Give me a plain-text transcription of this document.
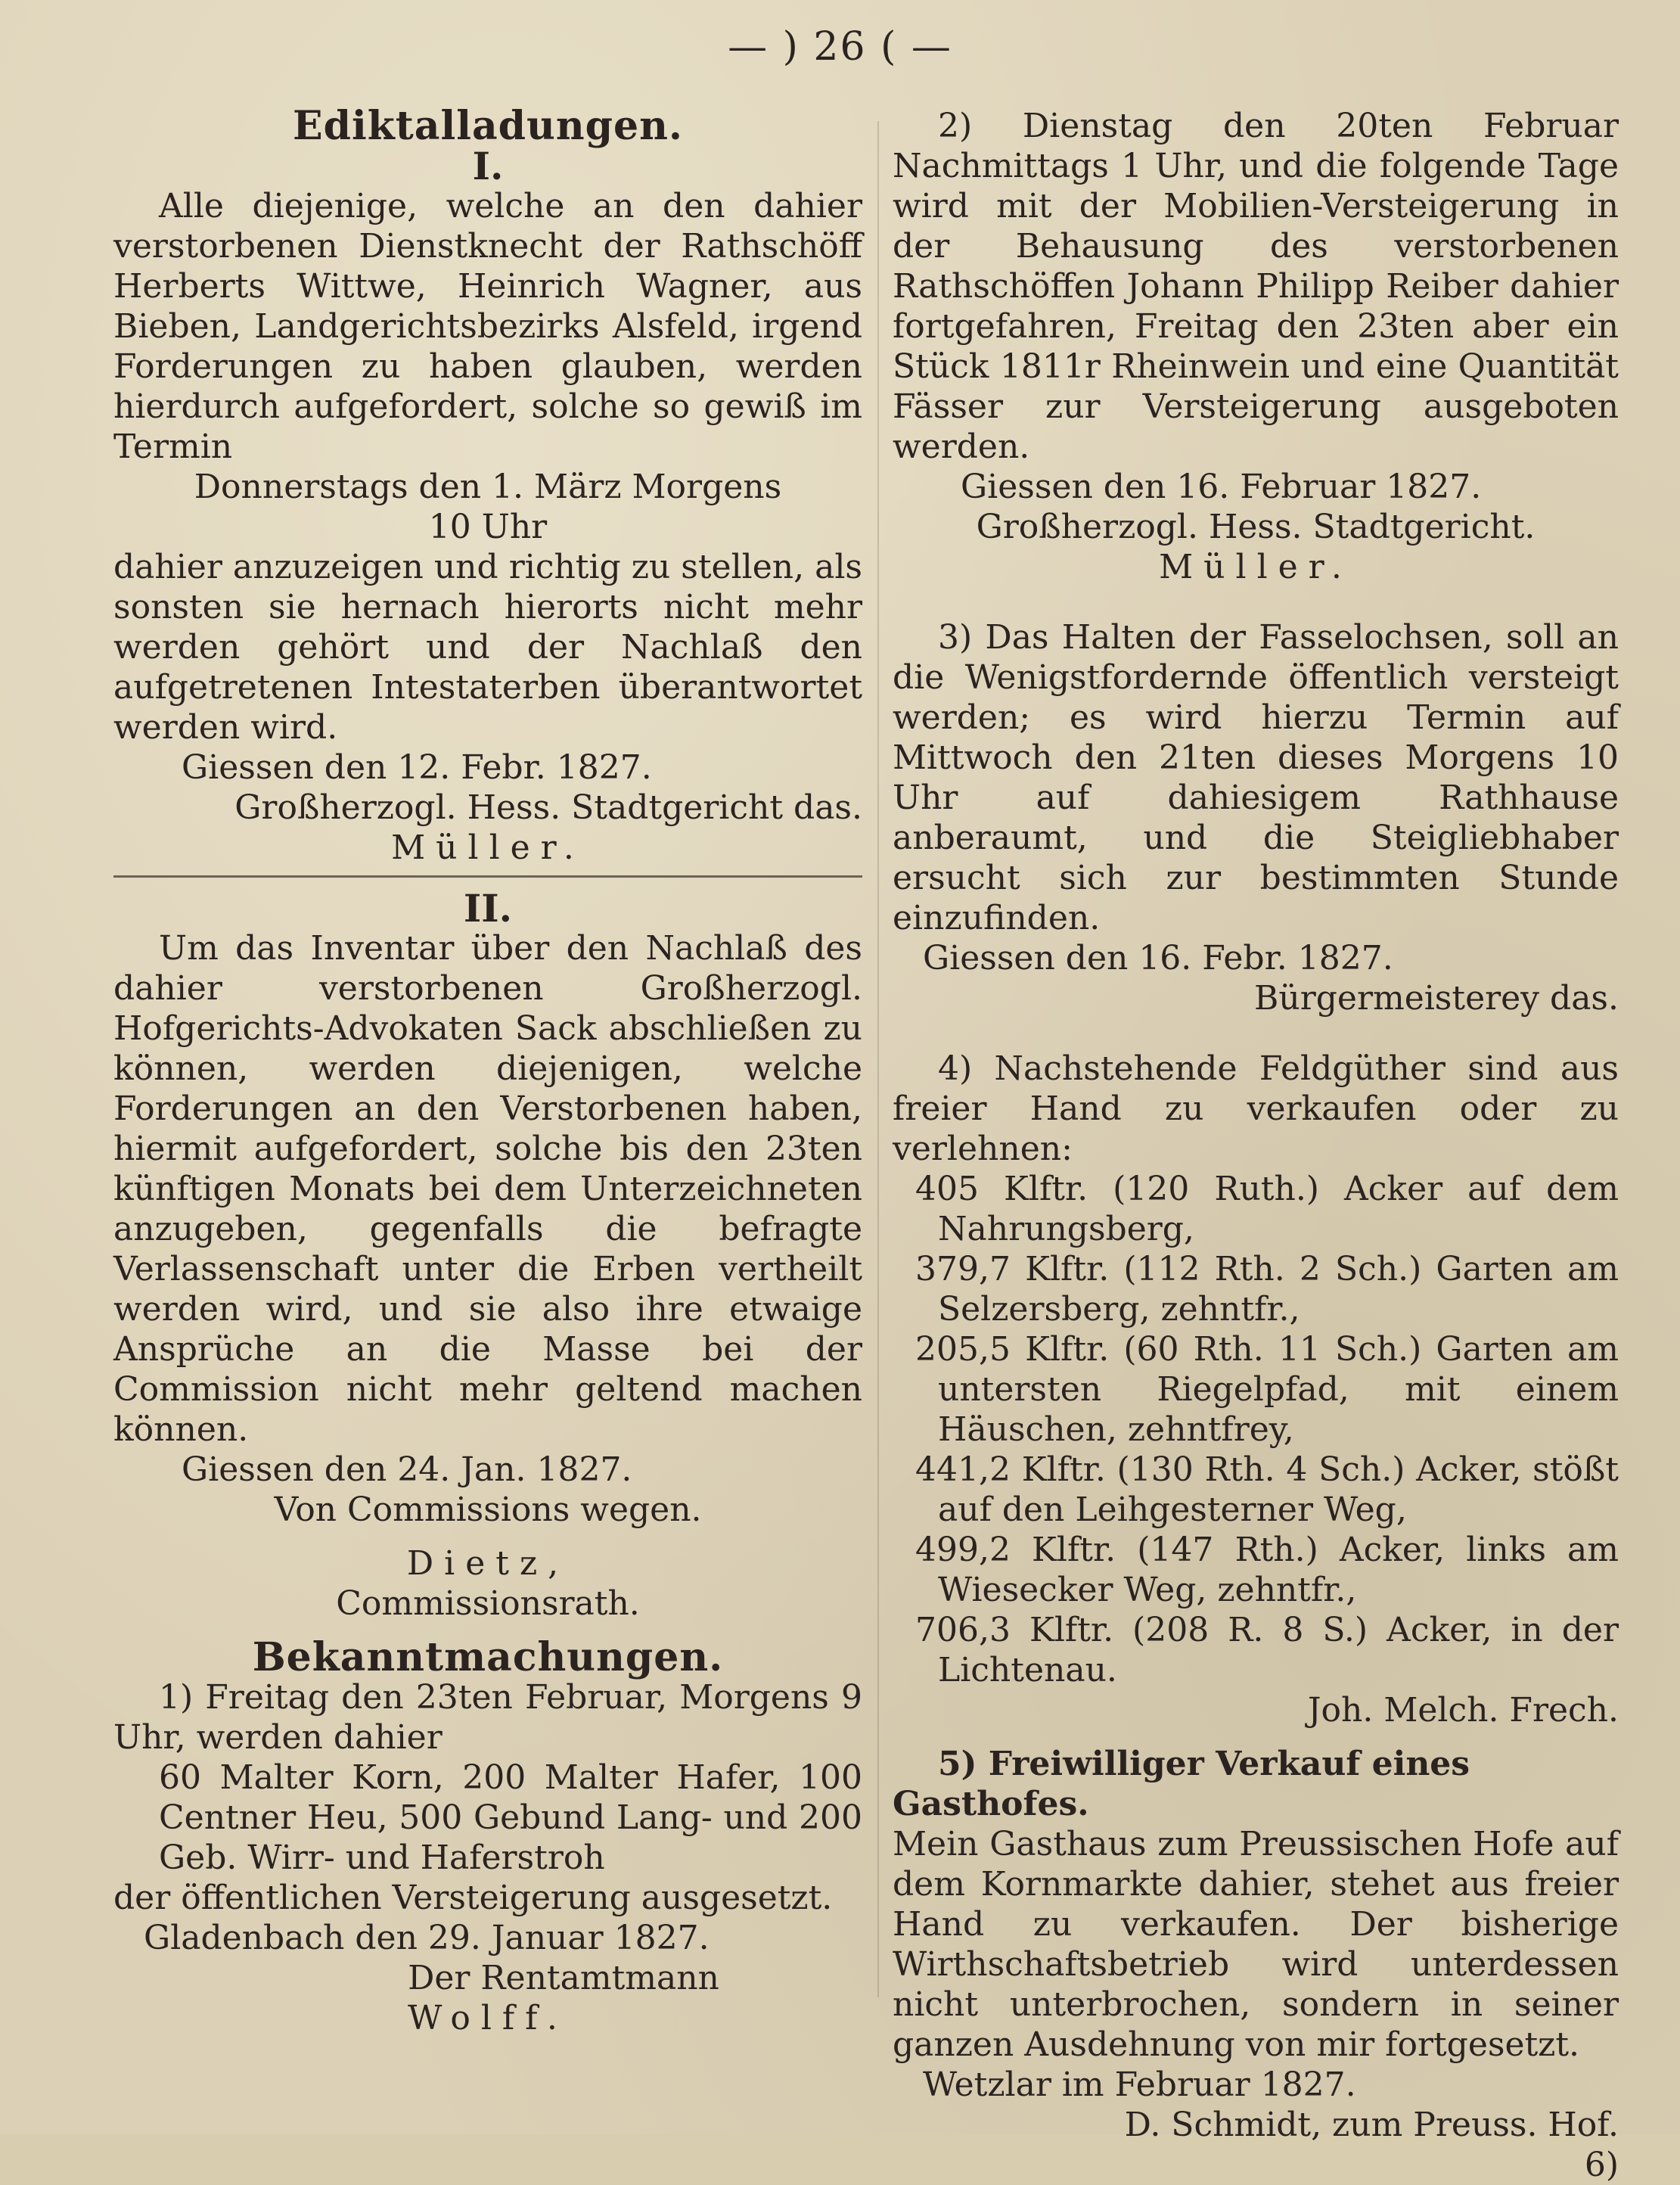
— ) 26 ( —

Ediktalladungen.

I.

Alle diejenige, welche an den dahier verstorbenen Dienstknecht der Rathschöff Herberts Wittwe, Heinrich Wagner, aus Bieben, Landgerichtsbezirks Alsfeld, irgend Forderungen zu haben glauben, werden hierdurch aufgefordert, solche so gewiß im Termin

Donnerstags den 1. März Morgens

10 Uhr

dahier anzuzeigen und richtig zu stellen, als sonsten sie hernach hierorts nicht mehr werden gehört und der Nachlaß den aufgetretenen Intestaterben überantwortet werden wird.

Giessen den 12. Febr. 1827.

Großherzogl. Hess. Stadtgericht das.

Müller.

II.

Um das Inventar über den Nachlaß des dahier verstorbenen Großherzogl. Hofgerichts-Advokaten Sack abschließen zu können, werden diejenigen, welche Forderungen an den Verstorbenen haben, hiermit aufgefordert, solche bis den 23ten künftigen Monats bei dem Unterzeichneten anzugeben, gegenfalls die befragte Verlassenschaft unter die Erben vertheilt werden wird, und sie also ihre etwaige Ansprüche an die Masse bei der Commission nicht mehr geltend machen können.

Giessen den 24. Jan. 1827.

Von Commissions wegen.

Dietz,

Commissionsrath.

Bekanntmachungen.

1) Freitag den 23ten Februar, Morgens 9 Uhr, werden dahier

60 Malter Korn, 200 Malter Hafer, 100 Centner Heu, 500 Gebund Lang- und 200 Geb. Wirr- und Haferstroh

der öffentlichen Versteigerung ausgesetzt.

Gladenbach den 29. Januar 1827.

Der Rentamtmann

Wolff.

2) Dienstag den 20ten Februar Nachmittags 1 Uhr, und die folgende Tage wird mit der Mobilien-Versteigerung in der Behausung des verstorbenen Rathschöffen Johann Philipp Reiber dahier fortgefahren, Freitag den 23ten aber ein Stück 1811r Rheinwein und eine Quantität Fässer zur Versteigerung ausgeboten werden.

Giessen den 16. Februar 1827.

Großherzogl. Hess. Stadtgericht.

Müller.

3) Das Halten der Fasselochsen, soll an die Wenigstfordernde öffentlich versteigt werden; es wird hierzu Termin auf Mittwoch den 21ten dieses Morgens 10 Uhr auf dahiesigem Rathhause anberaumt, und die Steigliebhaber ersucht sich zur bestimmten Stunde einzufinden.

Giessen den 16. Febr. 1827.

Bürgermeisterey das.

4) Nachstehende Feldgüther sind aus freier Hand zu verkaufen oder zu verlehnen:

405 Klftr. (120 Ruth.) Acker auf dem Nahrungsberg,

379,7 Klftr. (112 Rth. 2 Sch.) Garten am Selzersberg, zehntfr.,

205,5 Klftr. (60 Rth. 11 Sch.) Garten am untersten Riegelpfad, mit einem Häuschen, zehntfrey,

441,2 Klftr. (130 Rth. 4 Sch.) Acker, stößt auf den Leihgesterner Weg,

499,2 Klftr. (147 Rth.) Acker, links am Wiesecker Weg, zehntfr.,

706,3 Klftr. (208 R. 8 S.) Acker, in der Lichtenau.

Joh. Melch. Frech.

5) Freiwilliger Verkauf eines Gasthofes.

Mein Gasthaus zum Preussischen Hofe auf dem Kornmarkte dahier, stehet aus freier Hand zu verkaufen. Der bisherige Wirthschaftsbetrieb wird unterdessen nicht unterbrochen, sondern in seiner ganzen Ausdehnung von mir fortgesetzt.

Wetzlar im Februar 1827.

D. Schmidt, zum Preuss. Hof.

6)
